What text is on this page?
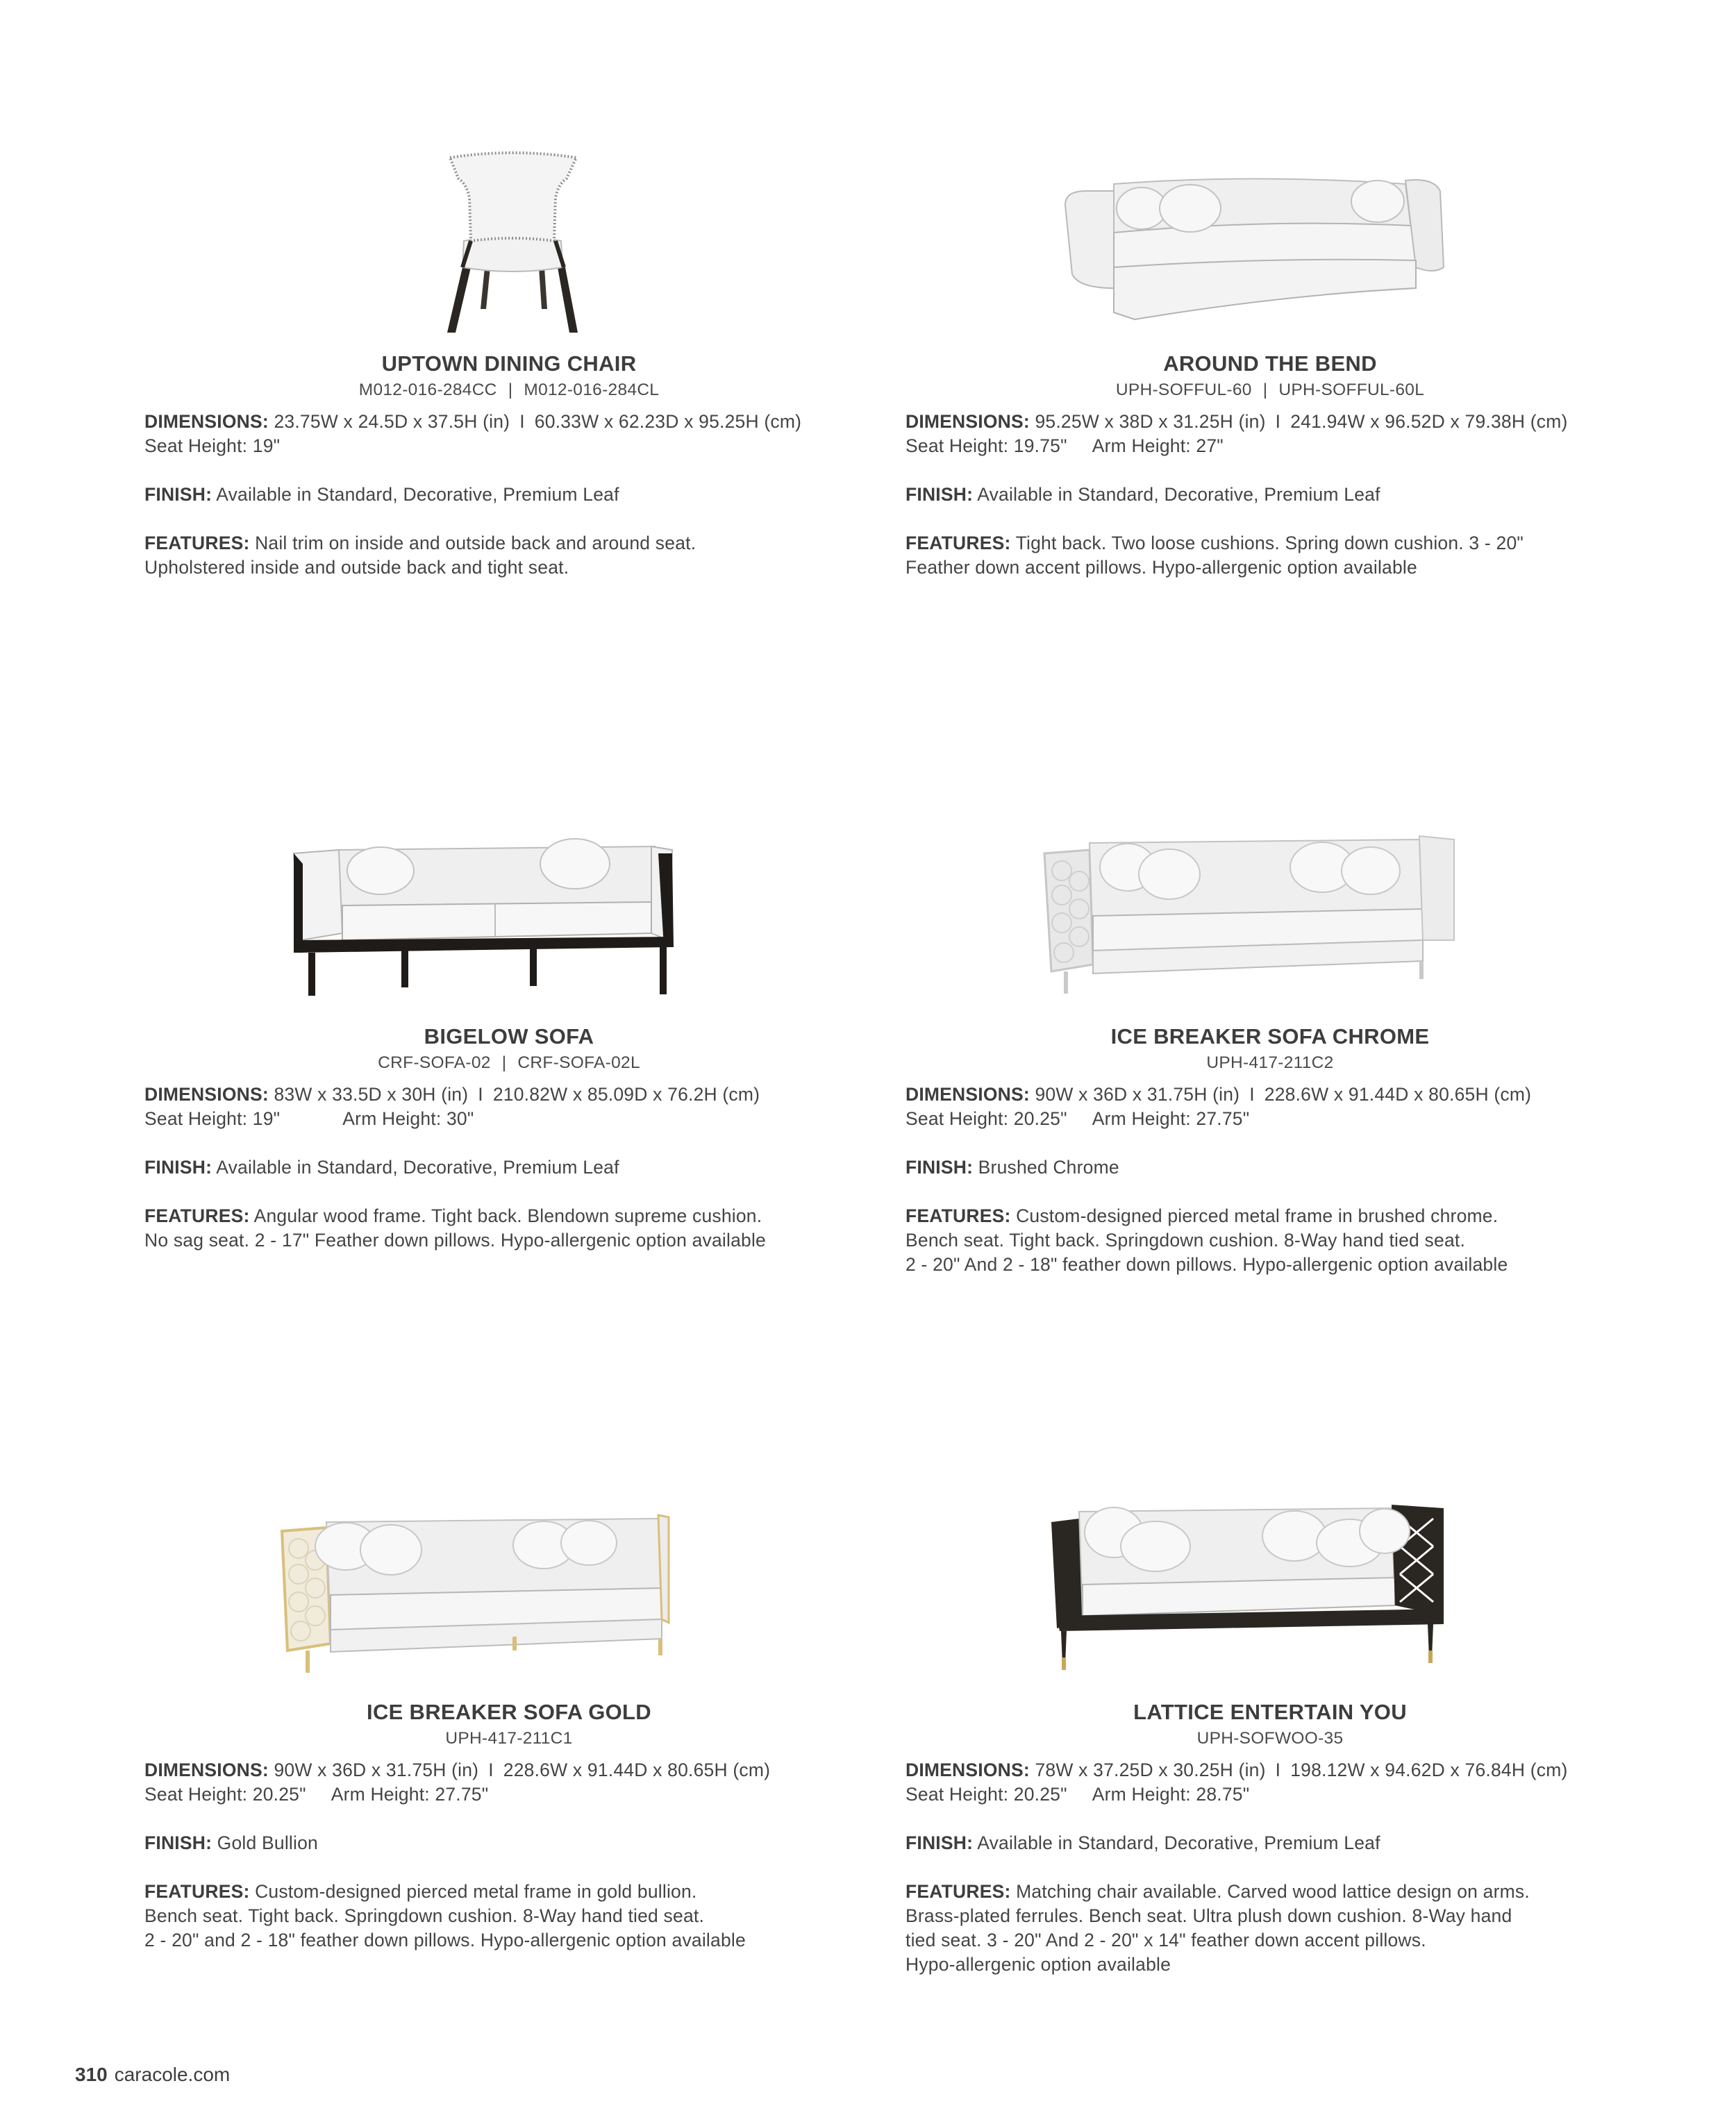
UPTOWN DINING CHAIR
M012-016-284CC | M012-016-284CL
DIMENSIONS: 23.75W x 24.5D x 37.5H (in) I 60.33W x 62.23D x 95.25H (cm)
Seat Height: 19"
FINISH: Available in Standard, Decorative, Premium Leaf
FEATURES: Nail trim on inside and outside back and around seat.
Upholstered inside and outside back and tight seat.
AROUND THE BEND
UPH-SOFFUL-60 | UPH-SOFFUL-60L
DIMENSIONS: 95.25W x 38D x 31.25H (in) I 241.94W x 96.52D x 79.38H (cm)
Seat Height: 19.75" Arm Height: 27"
FINISH: Available in Standard, Decorative, Premium Leaf
FEATURES: Tight back. Two loose cushions. Spring down cushion. 3 - 20"
Feather down accent pillows. Hypo-allergenic option available
BIGELOW SOFA
CRF-SOFA-02 | CRF-SOFA-02L
DIMENSIONS: 83W x 33.5D x 30H (in) I 210.82W x 85.09D x 76.2H (cm)
Seat Height: 19"	Arm Height: 30"
FINISH: Available in Standard, Decorative, Premium Leaf
FEATURES: Angular wood frame. Tight back. Blendown supreme cushion.
No sag seat. 2 - 17" Feather down pillows. Hypo-allergenic option available
ICE BREAKER SOFA CHROME
UPH-417-211C2
DIMENSIONS: 90W x 36D x 31.75H (in) I 228.6W x 91.44D x 80.65H (cm)
Seat Height: 20.25" Arm Height: 27.75"
FINISH: Brushed Chrome
FEATURES: Custom-designed pierced metal frame in brushed chrome.
Bench seat. Tight back. Springdown cushion. 8-Way hand tied seat.
2 - 20" And 2 - 18" feather down pillows. Hypo-allergenic option available
ICE BREAKER SOFA GOLD
UPH-417-211C1
DIMENSIONS: 90W x 36D x 31.75H (in) I 228.6W x 91.44D x 80.65H (cm)
Seat Height: 20.25" Arm Height: 27.75"
FINISH: Gold Bullion
FEATURES: Custom-designed pierced metal frame in gold bullion.
Bench seat. Tight back. Springdown cushion. 8-Way hand tied seat.
2 - 20" and 2 - 18" feather down pillows. Hypo-allergenic option available
LATTICE ENTERTAIN YOU
UPH-SOFWOO-35
DIMENSIONS: 78W x 37.25D x 30.25H (in) I 198.12W x 94.62D x 76.84H (cm)
Seat Height: 20.25" Arm Height: 28.75"
FINISH: Available in Standard, Decorative, Premium Leaf
FEATURES: Matching chair available. Carved wood lattice design on arms.
Brass-plated ferrules. Bench seat. Ultra plush down cushion. 8-Way hand
tied seat. 3 - 20" And 2 - 20" x 14" feather down accent pillows.
Hypo-allergenic option available
310 caracole.com
